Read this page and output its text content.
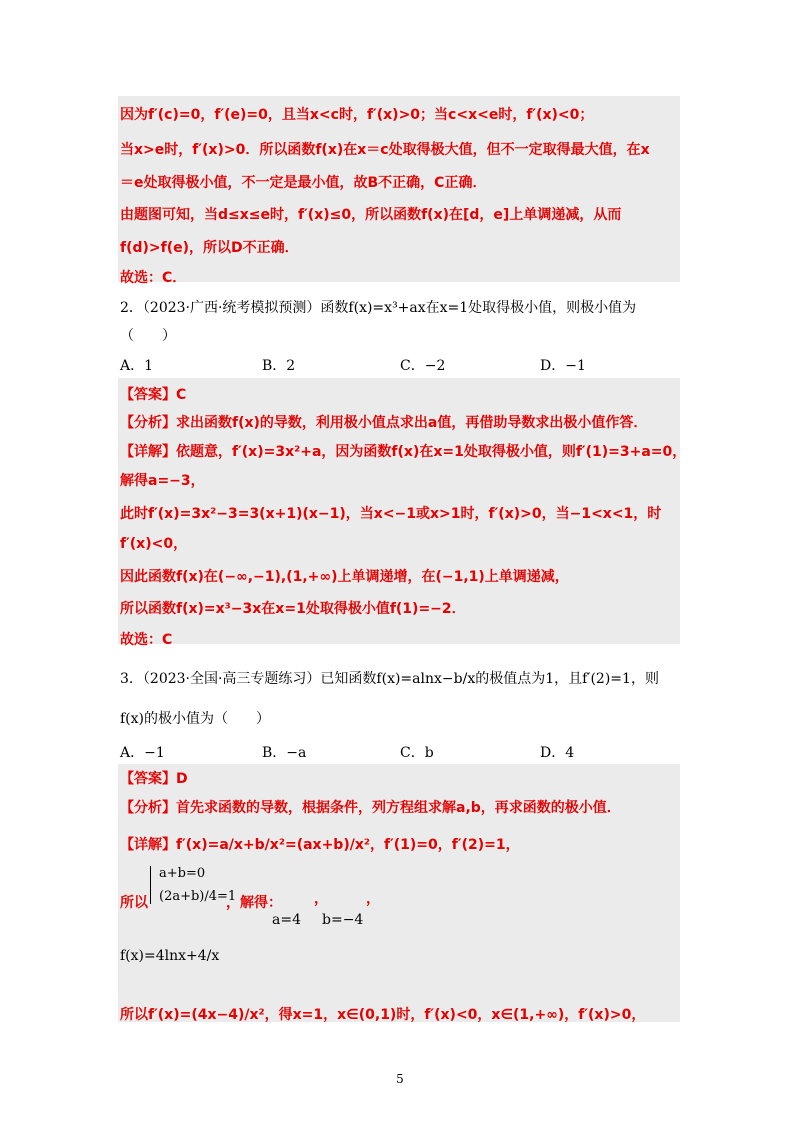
因为f′(c)=0，f′(e)=0，且当x<c时，f′(x)>0；当c<x<e时，f′(x)<0；
当x>e时，f′(x)>0．所以函数f(x)在x＝c处取得极大值，但不一定取得最大值，在x
＝e处取得极小值，不一定是最小值，故B不正确，C正确．
由题图可知，当d≤x≤e时，f′(x)≤0，所以函数f(x)在[d，e]上单调递减，从而
f(d)>f(e)，所以D不正确．
故选：C．
2．（2023·广西·统考模拟预测）函数f(x)=x³+ax在x=1处取得极小值，则极小值为
（　　）
A．1	B．2	C．−2	D．−1
【答案】C
【分析】求出函数f(x)的导数，利用极小值点求出a值，再借助导数求出极小值作答．
【详解】依题意，f′(x)=3x²+a，因为函数f(x)在x=1处取得极小值，则f′(1)=3+a=0，
解得a=−3，
此时f′(x)=3x²−3=3(x+1)(x−1)，当x<−1或x>1时，f′(x)>0，当−1<x<1，时
f′(x)<0，
因此函数f(x)在(−∞,−1),(1,+∞)上单调递增，在(−1,1)上单调递减，
所以函数f(x)=x³−3x在x=1处取得极小值f(1)=−2．
故选：C
3．（2023·全国·高三专题练习）已知函数f(x)=alnx−b/x的极值点为1，且f′(2)=1，则
f(x)的极小值为（　　）
A．−1	B．−a	C．b	D．4
【答案】D
【分析】首先求函数的导数，根据条件，列方程组求解a,b，再求函数的极小值．
【详解】f′(x)=a/x+b/x²=(ax+b)/x²，f′(1)=0，f′(2)=1，
所以
a+b=0
(2a+b)/4=1
，解得：
a=4
，
b=−4
，
f(x)=4lnx+4/x
所以f′(x)=(4x−4)/x²，得x=1，x∈(0,1)时，f′(x)<0，x∈(1,+∞)，f′(x)>0，
5
